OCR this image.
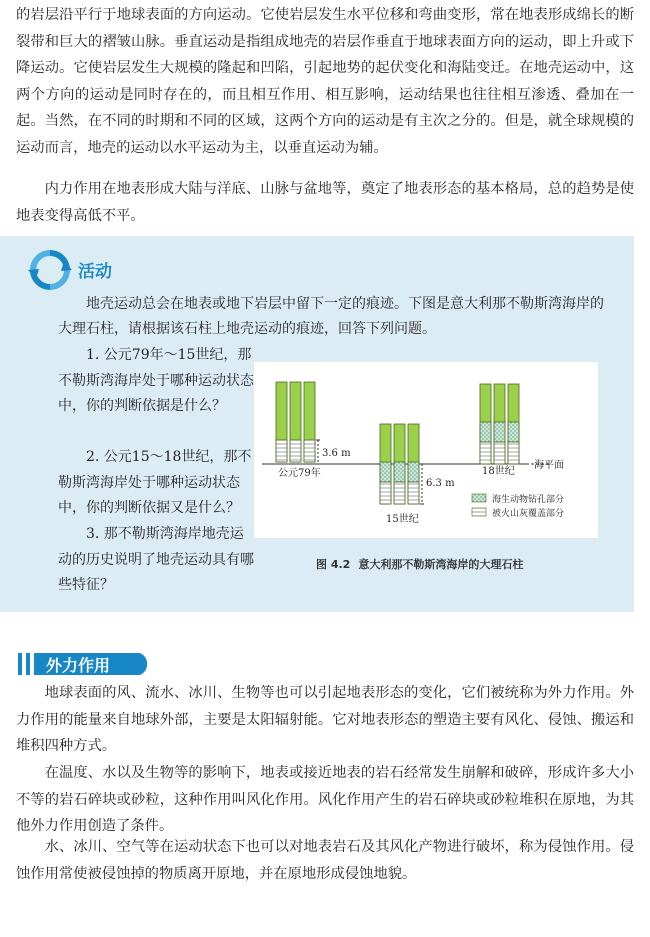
的岩层沿平行于地球表面的方向运动。它使岩层发生水平位移和弯曲变形，常在地表形成绵长的断裂带和巨大的褶皱山脉。垂直运动是指组成地壳的岩层作垂直于地球表面方向的运动，即上升或下降运动。它使岩层发生大规模的隆起和凹陷，引起地势的起伏变化和海陆变迁。在地壳运动中，这两个方向的运动是同时存在的，而且相互作用、相互影响，运动结果也往往相互渗透、叠加在一起。当然，在不同的时期和不同的区域，这两个方向的运动是有主次之分的。但是，就全球规模的运动而言，地壳的运动以水平运动为主，以垂直运动为辅。

内力作用在地表形成大陆与洋底、山脉与盆地等，奠定了地表形态的基本格局，总的趋势是使地表变得高低不平。

活动

地壳运动总会在地表或地下岩层中留下一定的痕迹。下图是意大利那不勒斯湾海岸的大理石柱，请根据该石柱上地壳运动的痕迹，回答下列问题。

1. 公元79年～15世纪，那不勒斯湾海岸处于哪种运动状态中，你的判断依据是什么？

2. 公元15～18世纪，那不勒斯湾海岸处于哪种运动状态中，你的判断依据又是什么？

3. 那不勒斯湾海岸地壳运动的历史说明了地壳运动具有哪些特征？

海平面
公元79年
3.6 m
6.3 m
15世纪
18世纪
海生动物钻孔部分
被火山灰覆盖部分
图 4.2 意大利那不勒斯湾海岸的大理石柱
外力作用

地球表面的风、流水、冰川、生物等也可以引起地表形态的变化，它们被统称为外力作用。外力作用的能量来自地球外部，主要是太阳辐射能。它对地表形态的塑造主要有风化、侵蚀、搬运和堆积四种方式。

在温度、水以及生物等的影响下，地表或接近地表的岩石经常发生崩解和破碎，形成许多大小不等的岩石碎块或砂粒，这种作用叫风化作用。风化作用产生的岩石碎块或砂粒堆积在原地，为其他外力作用创造了条件。

水、冰川、空气等在运动状态下也可以对地表岩石及其风化产物进行破坏，称为侵蚀作用。侵蚀作用常使被侵蚀掉的物质离开原地，并在原地形成侵蚀地貌。
